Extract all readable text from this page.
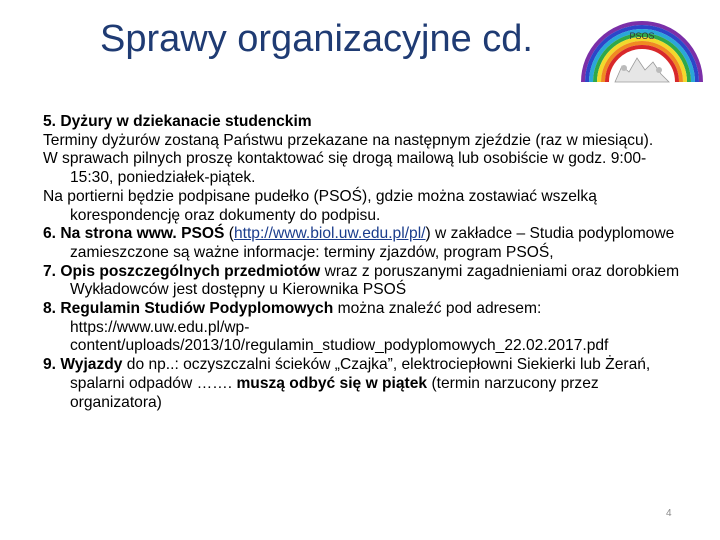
Sprawy organizacyjne cd.	PSOS

5. Dyżury w dziekanacie studenckim

Terminy dyżurów zostaną Państwu przekazane na następnym zjeździe (raz w miesiącu).

W sprawach pilnych proszę kontaktować się drogą mailową lub osobiście w godz. 9:00-15:30, poniedziałek-piątek.

Na portierni będzie podpisane pudełko (PSOŚ), gdzie można zostawiać wszelką korespondencję oraz dokumenty do podpisu.

6. Na strona www. PSOŚ (http://www.biol.uw.edu.pl/pl/) w zakładce – Studia podyplomowe zamieszczone są ważne informacje: terminy zjazdów, program PSOŚ,

7. Opis poszczególnych przedmiotów wraz z poruszanymi zagadnieniami oraz dorobkiem Wykładowców jest dostępny u Kierownika PSOŚ

8. Regulamin Studiów Podyplomowych można znaleźć pod adresem: https://www.uw.edu.pl/wp-content/uploads/2013/10/regulamin_studiow_podyplomowych_22.02.2017.pdf

9. Wyjazdy do np..: oczyszczalni ścieków „Czajka”, elektrociepłowni Siekierki lub Żerań, spalarni odpadów ……. muszą odbyć się w piątek (termin narzucony przez organizatora)

4
